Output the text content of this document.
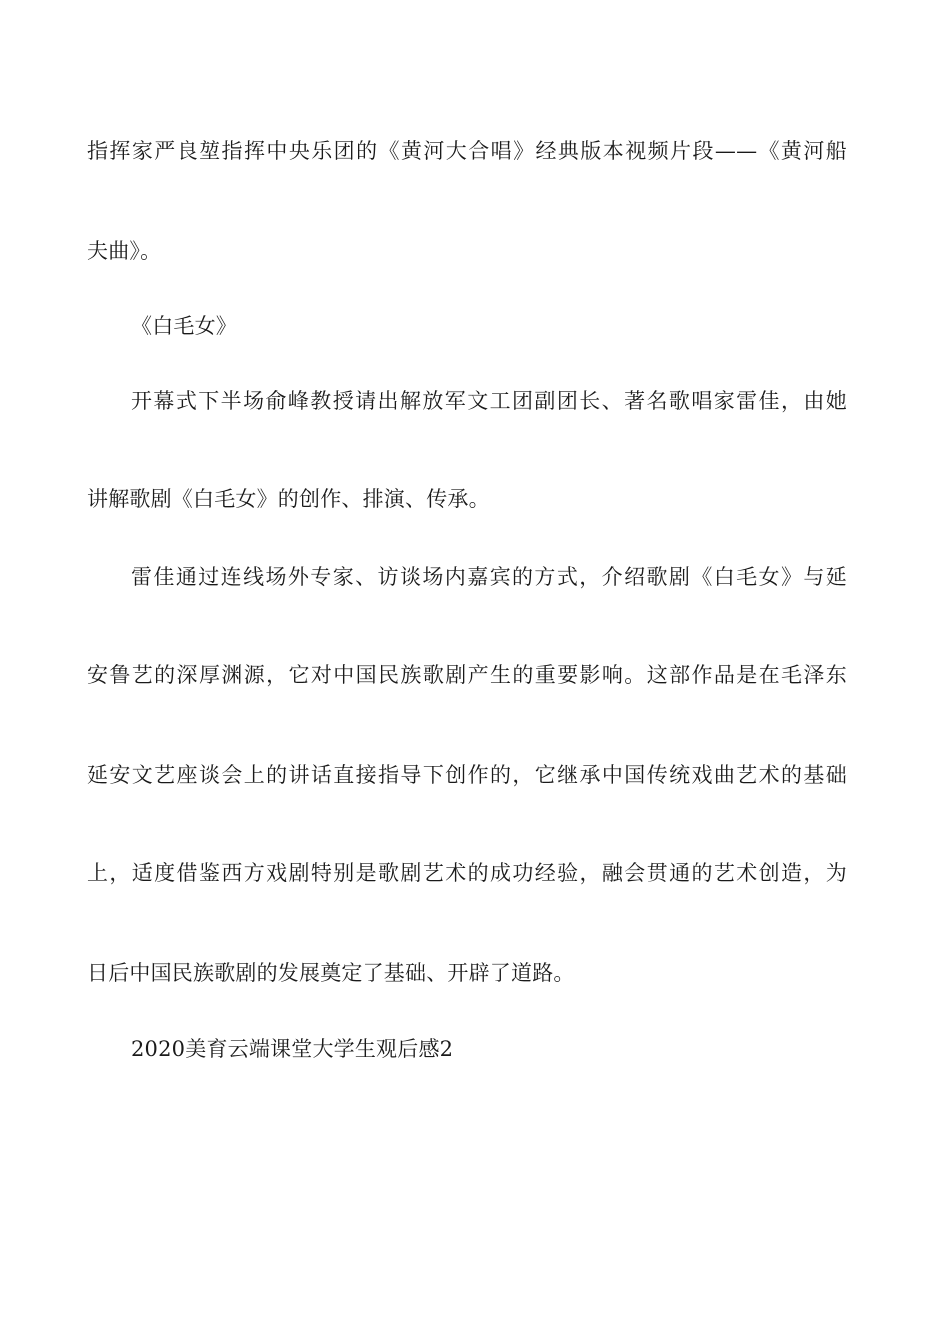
指挥家严良堃指挥中央乐团的《黄河大合唱》经典版本视频片段——《黄河船
夫曲》。
《白毛女》
开幕式下半场俞峰教授请出解放军文工团副团长、著名歌唱家雷佳，由她
讲解歌剧《白毛女》的创作、排演、传承。
雷佳通过连线场外专家、访谈场内嘉宾的方式，介绍歌剧《白毛女》与延
安鲁艺的深厚渊源，它对中国民族歌剧产生的重要影响。这部作品是在毛泽东
延安文艺座谈会上的讲话直接指导下创作的，它继承中国传统戏曲艺术的基础
上，适度借鉴西方戏剧特别是歌剧艺术的成功经验，融会贯通的艺术创造，为
日后中国民族歌剧的发展奠定了基础、开辟了道路。
2020美育云端课堂大学生观后感2
